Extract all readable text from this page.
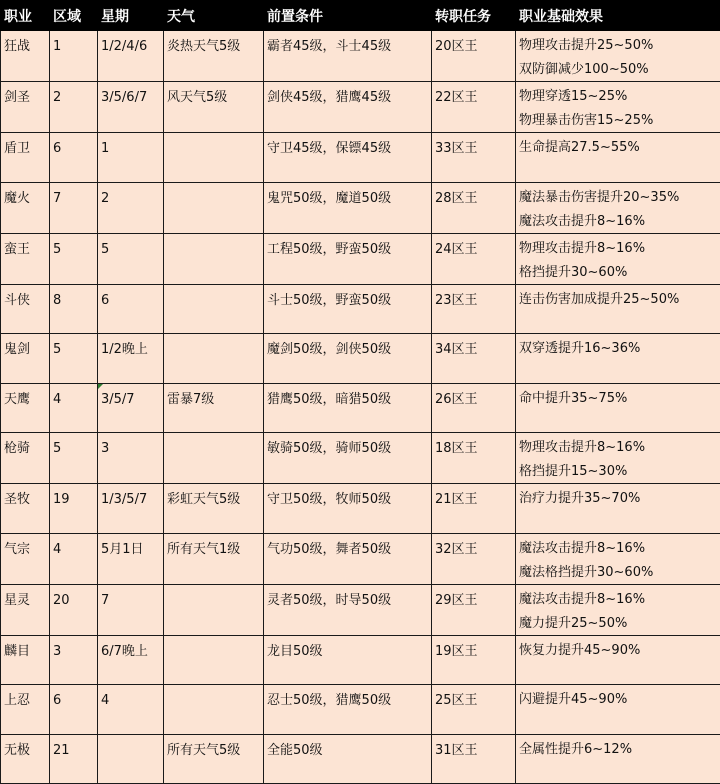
职业	区域	星期	天气	前置条件	转职任务	职业基础效果
狂战	1	1/2/4/6	炎热天气5级	霸者45级，斗士45级	20区王	物理攻击提升25~50%
双防御减少100~50%

剑圣	2	3/5/6/7	风天气5级	剑侠45级，猎鹰45级	22区王	物理穿透15~25%
物理暴击伤害15~25%

盾卫	6	1		守卫45级，保镖45级	33区王	生命提高27.5~55%

魔火	7	2		鬼咒50级，魔道50级	28区王	魔法暴击伤害提升20~35%
魔法攻击提升8~16%

蛮王	5	5		工程50级，野蛮50级	24区王	物理攻击提升8~16%
格挡提升30~60%

斗侠	8	6		斗士50级，野蛮50级	23区王	连击伤害加成提升25~50%

鬼剑	5	1/2晚上		魔剑50级，剑侠50级	34区王	双穿透提升16~36%

天鹰	4	3/5/7	雷暴7级	猎鹰50级，暗猎50级	26区王	命中提升35~75%

枪骑	5	3		敏骑50级，骑师50级	18区王	物理攻击提升8~16%
格挡提升15~30%

圣牧	19	1/3/5/7	彩虹天气5级	守卫50级，牧师50级	21区王	治疗力提升35~70%

气宗	4	5月1日	所有天气1级	气功50级，舞者50级	32区王	魔法攻击提升8~16%
魔法格挡提升30~60%

星灵	20	7		灵者50级，时导50级	29区王	魔法攻击提升8~16%
魔力提升25~50%

麟目	3	6/7晚上		龙目50级	19区王	恢复力提升45~90%

上忍	6	4		忍士50级，猎鹰50级	25区王	闪避提升45~90%

无极	21		所有天气5级	全能50级	31区王	全属性提升6~12%
